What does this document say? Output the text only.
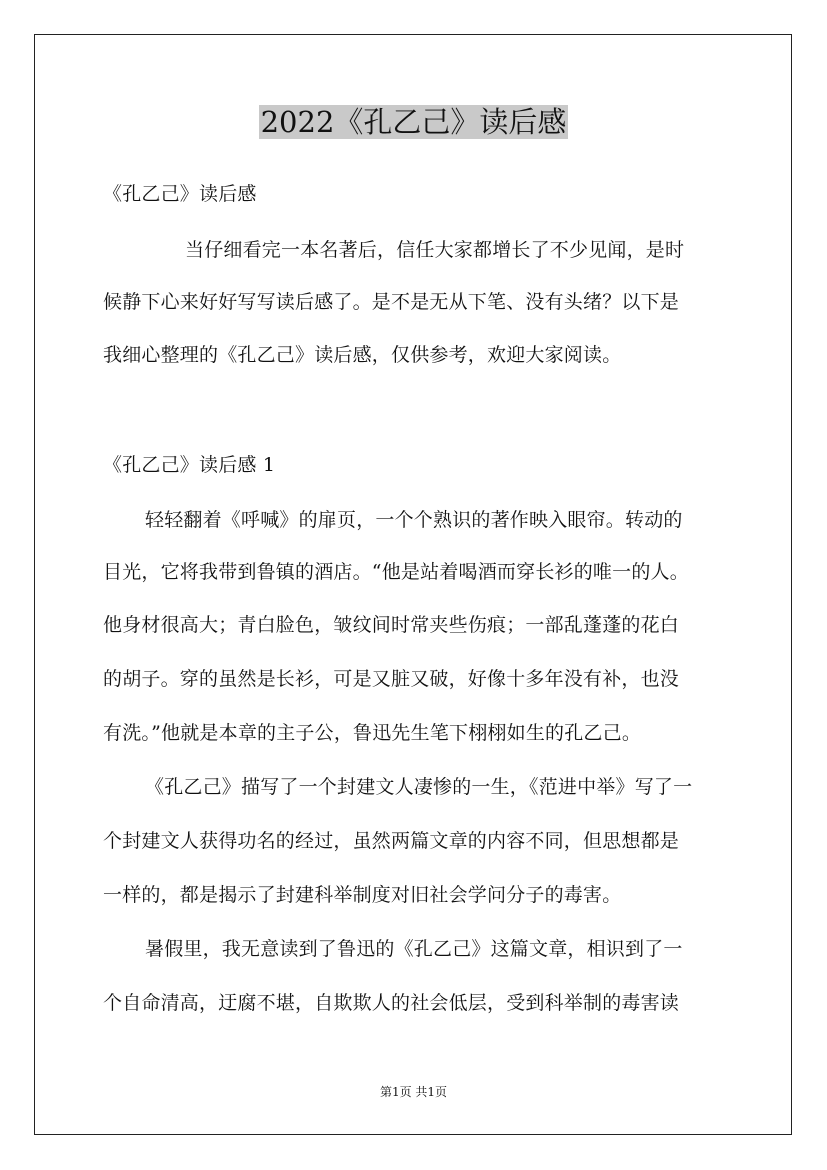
2022《孔乙己》读后感
《孔乙己》读后感
当仔细看完一本名著后，信任大家都增长了不少见闻，是时
候静下心来好好写写读后感了。是不是无从下笔、没有头绪？以下是
我细心整理的《孔乙己》读后感，仅供参考，欢迎大家阅读。
《孔乙己》读后感 1
轻轻翻着《呼喊》的扉页，一个个熟识的著作映入眼帘。转动的
目光，它将我带到鲁镇的酒店。“他是站着喝酒而穿长衫的唯一的人。
他身材很高大；青白脸色，皱纹间时常夹些伤痕；一部乱蓬蓬的花白
的胡子。穿的虽然是长衫，可是又脏又破，好像十多年没有补，也没
有洗。”他就是本章的主子公，鲁迅先生笔下栩栩如生的孔乙己。
《孔乙己》描写了一个封建文人凄惨的一生，《范进中举》写了一
个封建文人获得功名的经过，虽然两篇文章的内容不同，但思想都是
一样的，都是揭示了封建科举制度对旧社会学问分子的毒害。
暑假里，我无意读到了鲁迅的《孔乙己》这篇文章，相识到了一
个自命清高，迂腐不堪，自欺欺人的社会低层，受到科举制的毒害读
第1页 共1页
